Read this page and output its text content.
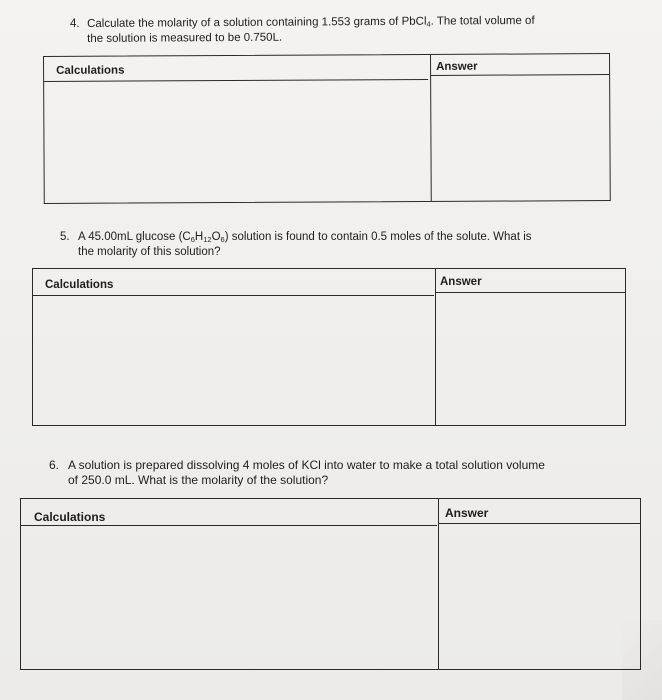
4. Calculate the molarity of a solution containing 1.553 grams of PbCl$_4$. The total volume of
the solution is measured to be 0.750L.
Calculations	Answer
5. A 45.00mL glucose $(C_6H_{12}O_6)$ solution is found to contain 0.5 moles of the solute. What is
the molarity of this solution?
Calculations	Answer
6. A solution is prepared dissolving 4 moles of KCl into water to make a total solution volume
of 250.0 mL. What is the molarity of the solution?
Calculations	Answer
